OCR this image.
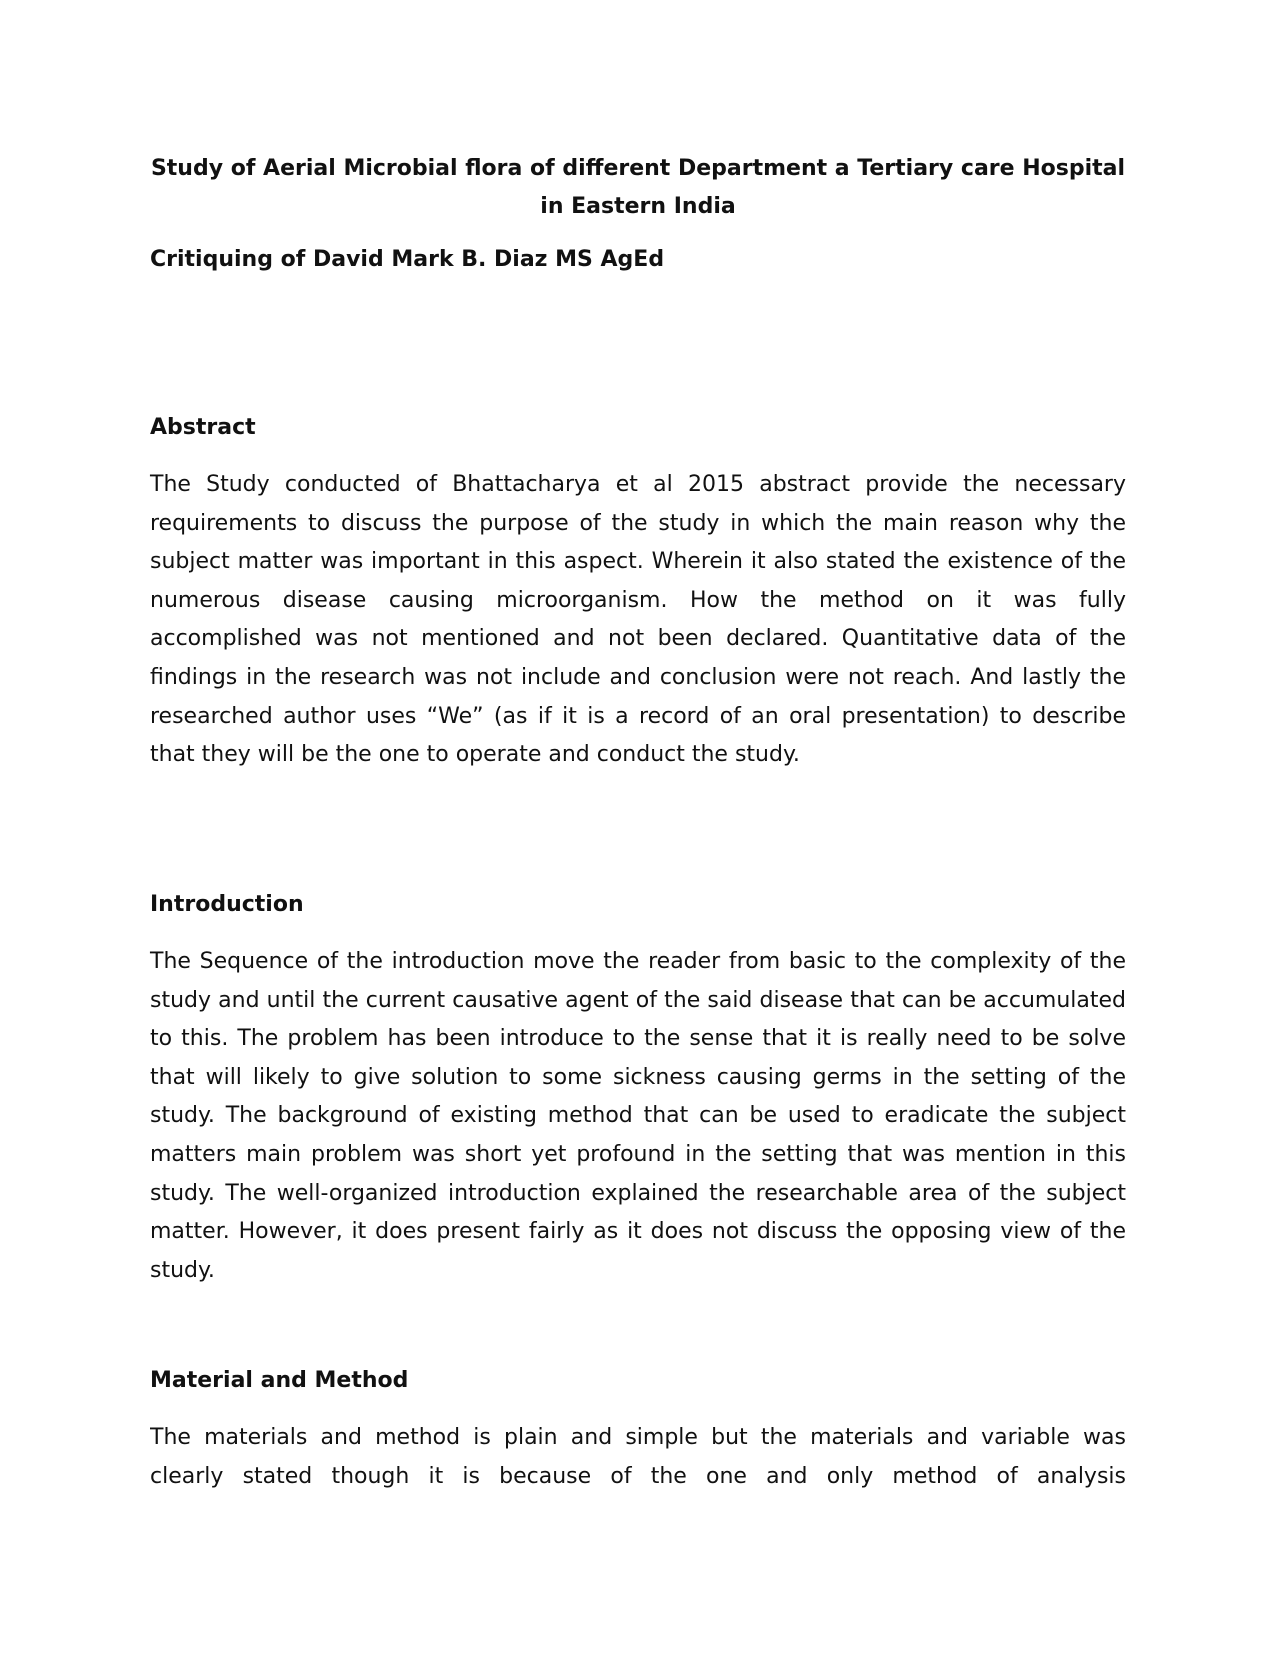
Study of Aerial Microbial flora of different Department a Tertiary care Hospital in Eastern India

Critiquing of David Mark B. Diaz MS AgEd

Abstract

The Study conducted of Bhattacharya et al 2015 abstract provide the necessary requirements to discuss the purpose of the study in which the main reason why the subject matter was important in this aspect. Wherein it also stated the existence of the numerous disease causing microorganism. How the method on it was fully accomplished was not mentioned and not been declared. Quantitative data of the findings in the research was not include and conclusion were not reach. And lastly the researched author uses “We” (as if it is a record of an oral presentation) to describe that they will be the one to operate and conduct the study.

Introduction

The Sequence of the introduction move the reader from basic to the complexity of the study and until the current causative agent of the said disease that can be accumulated to this. The problem has been introduce to the sense that it is really need to be solve that will likely to give solution to some sickness causing germs in the setting of the study. The background of existing method that can be used to eradicate the subject matters main problem was short yet profound in the setting that was mention in this study. The well-organized introduction explained the researchable area of the subject matter. However, it does present fairly as it does not discuss the opposing view of the study.

Material and Method

The materials and method is plain and simple but the materials and variable was clearly stated though it is because of the one and only method of analysis
